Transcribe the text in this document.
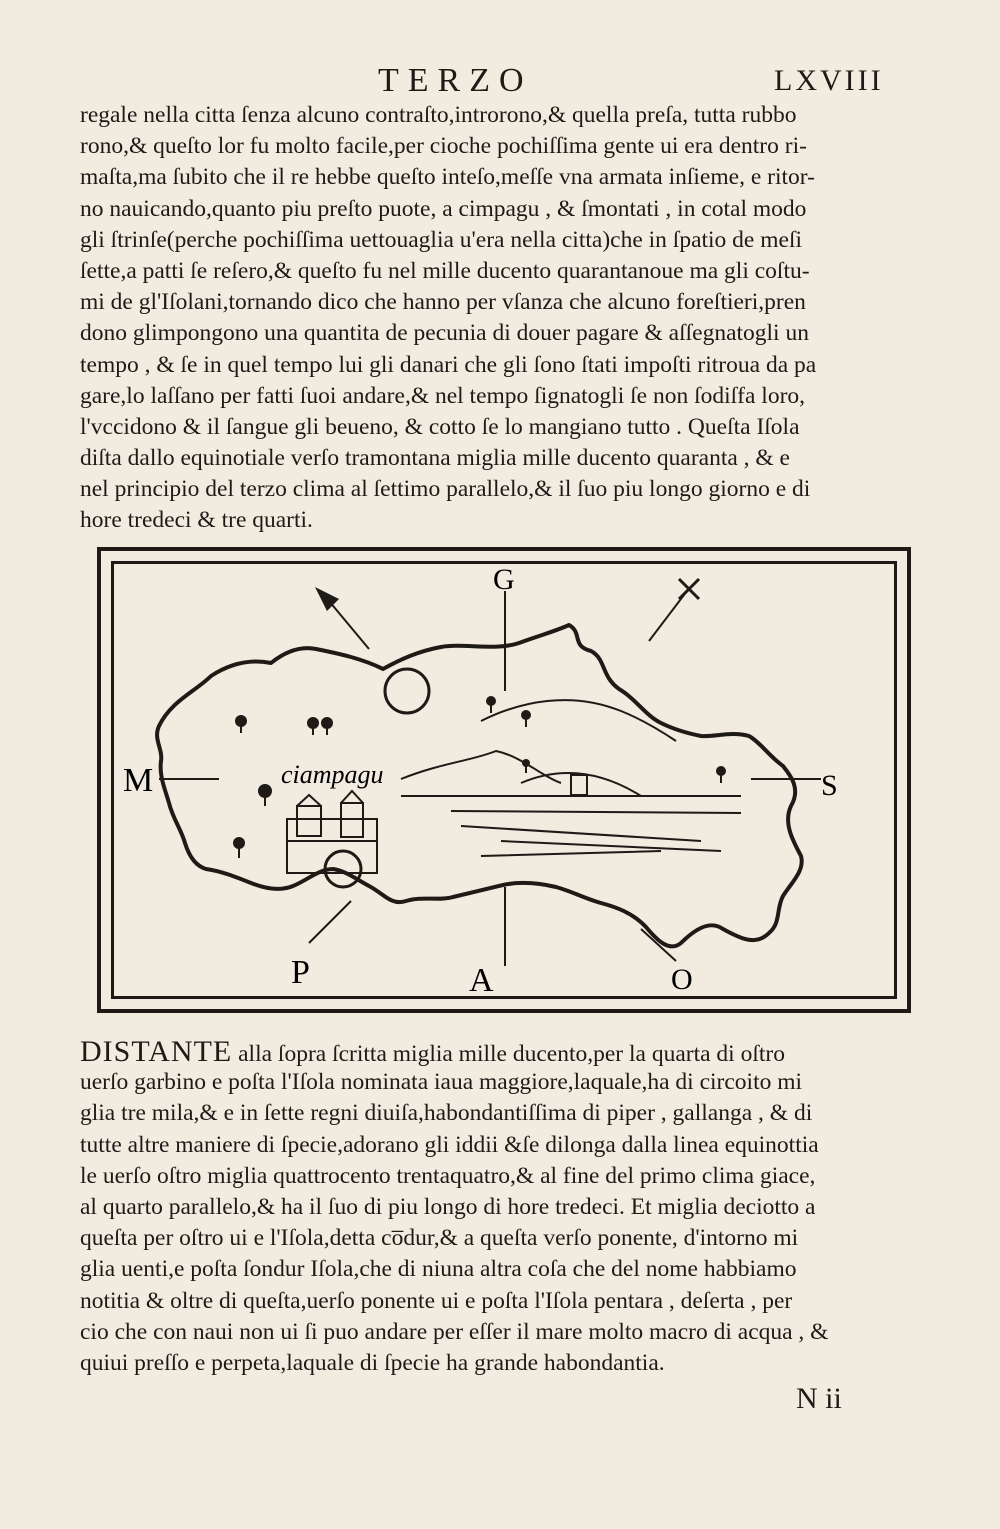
TERZO	LXVIII
regale nella citta ſenza alcuno contraſto,introrono,& quella preſa, tutta rubbo
rono,& queſto lor fu molto facile,per cioche pochiſſima gente ui era dentro ri-
maſta,ma ſubito che il re hebbe queſto inteſo,meſſe vna armata inſieme, e ritor-
no nauicando,quanto piu preſto puote, a cimpagu , & ſmontati , in cotal modo
gli ſtrinſe(perche pochiſſima uettouaglia u'era nella citta)che in ſpatio de meſi
ſette,a patti ſe reſero,& queſto fu nel mille ducento quarantanoue ma gli coſtu-
mi de gl'Iſolani,tornando dico che hanno per vſanza che alcuno foreſtieri,pren
dono glimpongono una quantita de pecunia di douer pagare & aſſegnatogli un
tempo , & ſe in quel tempo lui gli danari che gli ſono ſtati impoſti ritroua da pa
gare,lo laſſano per fatti ſuoi andare,& nel tempo ſignatogli ſe non ſodiſfa loro,
l'vccidono & il ſangue gli beueno, & cotto ſe lo mangiano tutto . Queſta Iſola
diſta dallo equinotiale verſo tramontana miglia mille ducento quaranta , & e
nel principio del terzo clima al ſettimo parallelo,& il ſuo piu longo giorno e di
hore tredeci & tre quarti.
G
A
M	S
P	O
ciampagu
DISTANTE alla ſopra ſcritta miglia mille ducento,per la quarta di oſtro
uerſo garbino e poſta l'Iſola nominata iaua maggiore,laquale,ha di circoito mi
glia tre mila,& e in ſette regni diuiſa,habondantiſſima di piper , gallanga , & di
tutte altre maniere di ſpecie,adorano gli iddii &ſe dilonga dalla linea equinottia
le uerſo oſtro miglia quattrocento trentaquatro,& al fine del primo clima giace,
al quarto parallelo,& ha il ſuo di piu longo di hore tredeci. Et miglia deciotto a
queſta per oſtro ui e l'Iſola,detta co̅dur,& a queſta verſo ponente, d'intorno mi
glia uenti,e poſta ſondur Iſola,che di niuna altra coſa che del nome habbiamo
notitia & oltre di queſta,uerſo ponente ui e poſta l'Iſola pentara , deſerta , per
cio che con naui non ui ſi puo andare per eſſer il mare molto macro di acqua , &
quiui preſſo e perpeta,laquale di ſpecie ha grande habondantia.
N ii
